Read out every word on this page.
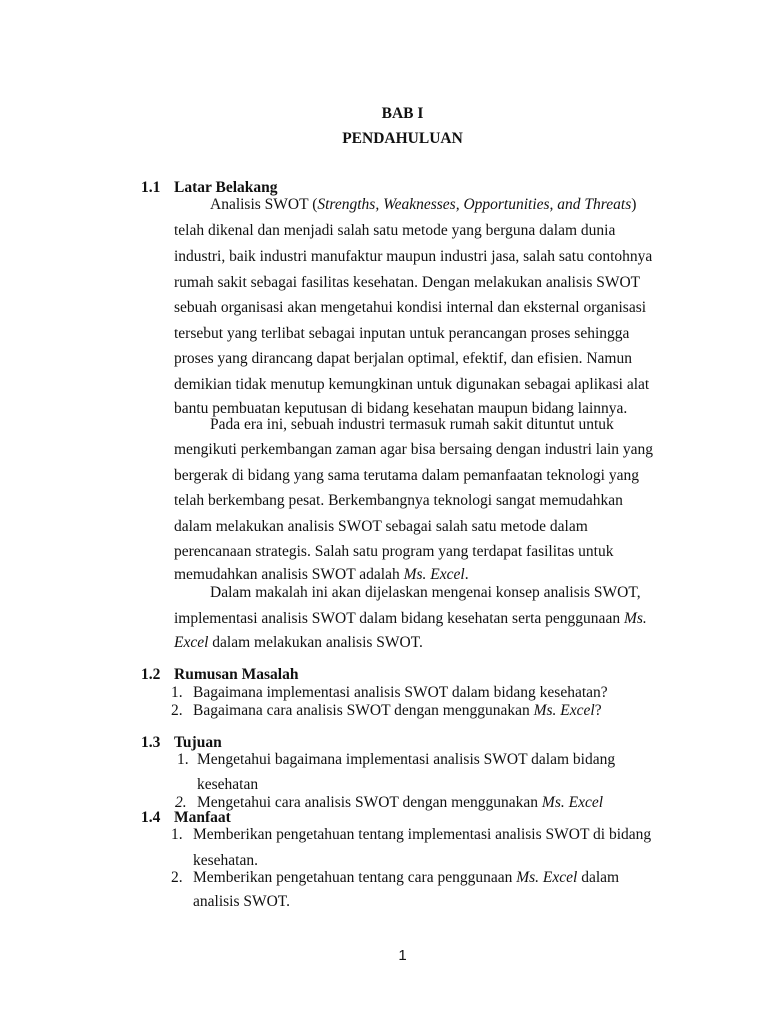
BAB I
PENDAHULUAN
1.1 Latar Belakang
Analisis SWOT (Strengths, Weaknesses, Opportunities, and Threats)
telah dikenal dan menjadi salah satu metode yang berguna dalam dunia
industri, baik industri manufaktur maupun industri jasa, salah satu contohnya
rumah sakit sebagai fasilitas kesehatan. Dengan melakukan analisis SWOT
sebuah organisasi akan mengetahui kondisi internal dan eksternal organisasi
tersebut yang terlibat sebagai inputan untuk perancangan proses sehingga
proses yang dirancang dapat berjalan optimal, efektif, dan efisien. Namun
demikian tidak menutup kemungkinan untuk digunakan sebagai aplikasi alat
bantu pembuatan keputusan di bidang kesehatan maupun bidang lainnya.
Pada era ini, sebuah industri termasuk rumah sakit dituntut untuk
mengikuti perkembangan zaman agar bisa bersaing dengan industri lain yang
bergerak di bidang yang sama terutama dalam pemanfaatan teknologi yang
telah berkembang pesat. Berkembangnya teknologi sangat memudahkan
dalam melakukan analisis SWOT sebagai salah satu metode dalam
perencanaan strategis. Salah satu program yang terdapat fasilitas untuk
memudahkan analisis SWOT adalah Ms. Excel.
Dalam makalah ini akan dijelaskan mengenai konsep analisis SWOT,
implementasi analisis SWOT dalam bidang kesehatan serta penggunaan Ms.
Excel dalam melakukan analisis SWOT.
1.2 Rumusan Masalah
1. Bagaimana implementasi analisis SWOT dalam bidang kesehatan?
2. Bagaimana cara analisis SWOT dengan menggunakan Ms. Excel?
1.3 Tujuan
1. Mengetahui bagaimana implementasi analisis SWOT dalam bidang
kesehatan
2. Mengetahui cara analisis SWOT dengan menggunakan Ms. Excel
1.4 Manfaat
1. Memberikan pengetahuan tentang implementasi analisis SWOT di bidang
kesehatan.
2. Memberikan pengetahuan tentang cara penggunaan Ms. Excel dalam
analisis SWOT.
1
